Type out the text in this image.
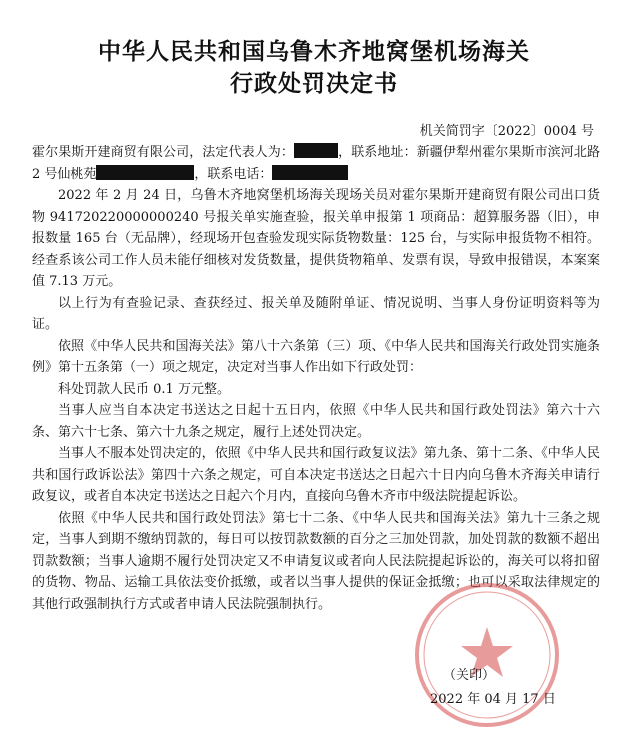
中华人民共和国乌鲁木齐地窝堡机场海关
行政处罚决定书
机关简罚字〔2022〕0004 号

霍尔果斯开建商贸有限公司，法定代表人为：	，联系地址：新疆伊犁州霍尔果斯市滨河北路 2 号仙桃苑	，联系电话：

2022 年 2 月 24 日，乌鲁木齐地窝堡机场海关现场关员对霍尔果斯开建商贸有限公司出口货物 941720220000000240 号报关单实施查验，报关单申报第 1 项商品：超算服务器（旧），申报数量 165 台（无品牌），经现场开包查验发现实际货物数量：125 台，与实际申报货物不相符。经查系该公司工作人员未能仔细核对发货数量，提供货物箱单、发票有误，导致申报错误，本案案值 7.13 万元。

以上行为有查验记录、查获经过、报关单及随附单证、情况说明、当事人身份证明资料等为证。

依照《中华人民共和国海关法》第八十六条第（三）项、《中华人民共和国海关行政处罚实施条例》第十五条第（一）项之规定，决定对当事人作出如下行政处罚：

科处罚款人民币 0.1 万元整。

当事人应当自本决定书送达之日起十五日内，依照《中华人民共和国行政处罚法》第六十六条、第六十七条、第六十九条之规定，履行上述处罚决定。

当事人不服本处罚决定的，依照《中华人民共和国行政复议法》第九条、第十二条、《中华人民共和国行政诉讼法》第四十六条之规定，可自本决定书送达之日起六十日内向乌鲁木齐海关申请行政复议，或者自本决定书送达之日起六个月内，直接向乌鲁木齐市中级法院提起诉讼。

依照《中华人民共和国行政处罚法》第七十二条、《中华人民共和国海关法》第九十三条之规定，当事人到期不缴纳罚款的，每日可以按罚款数额的百分之三加处罚款，加处罚款的数额不超出罚款数额；当事人逾期不履行处罚决定又不申请复议或者向人民法院提起诉讼的，海关可以将扣留的货物、物品、运输工具依法变价抵缴，或者以当事人提供的保证金抵缴；也可以采取法律规定的其他行政强制执行方式或者申请人民法院强制执行。

（关印）
2022 年 04 月 17 日
